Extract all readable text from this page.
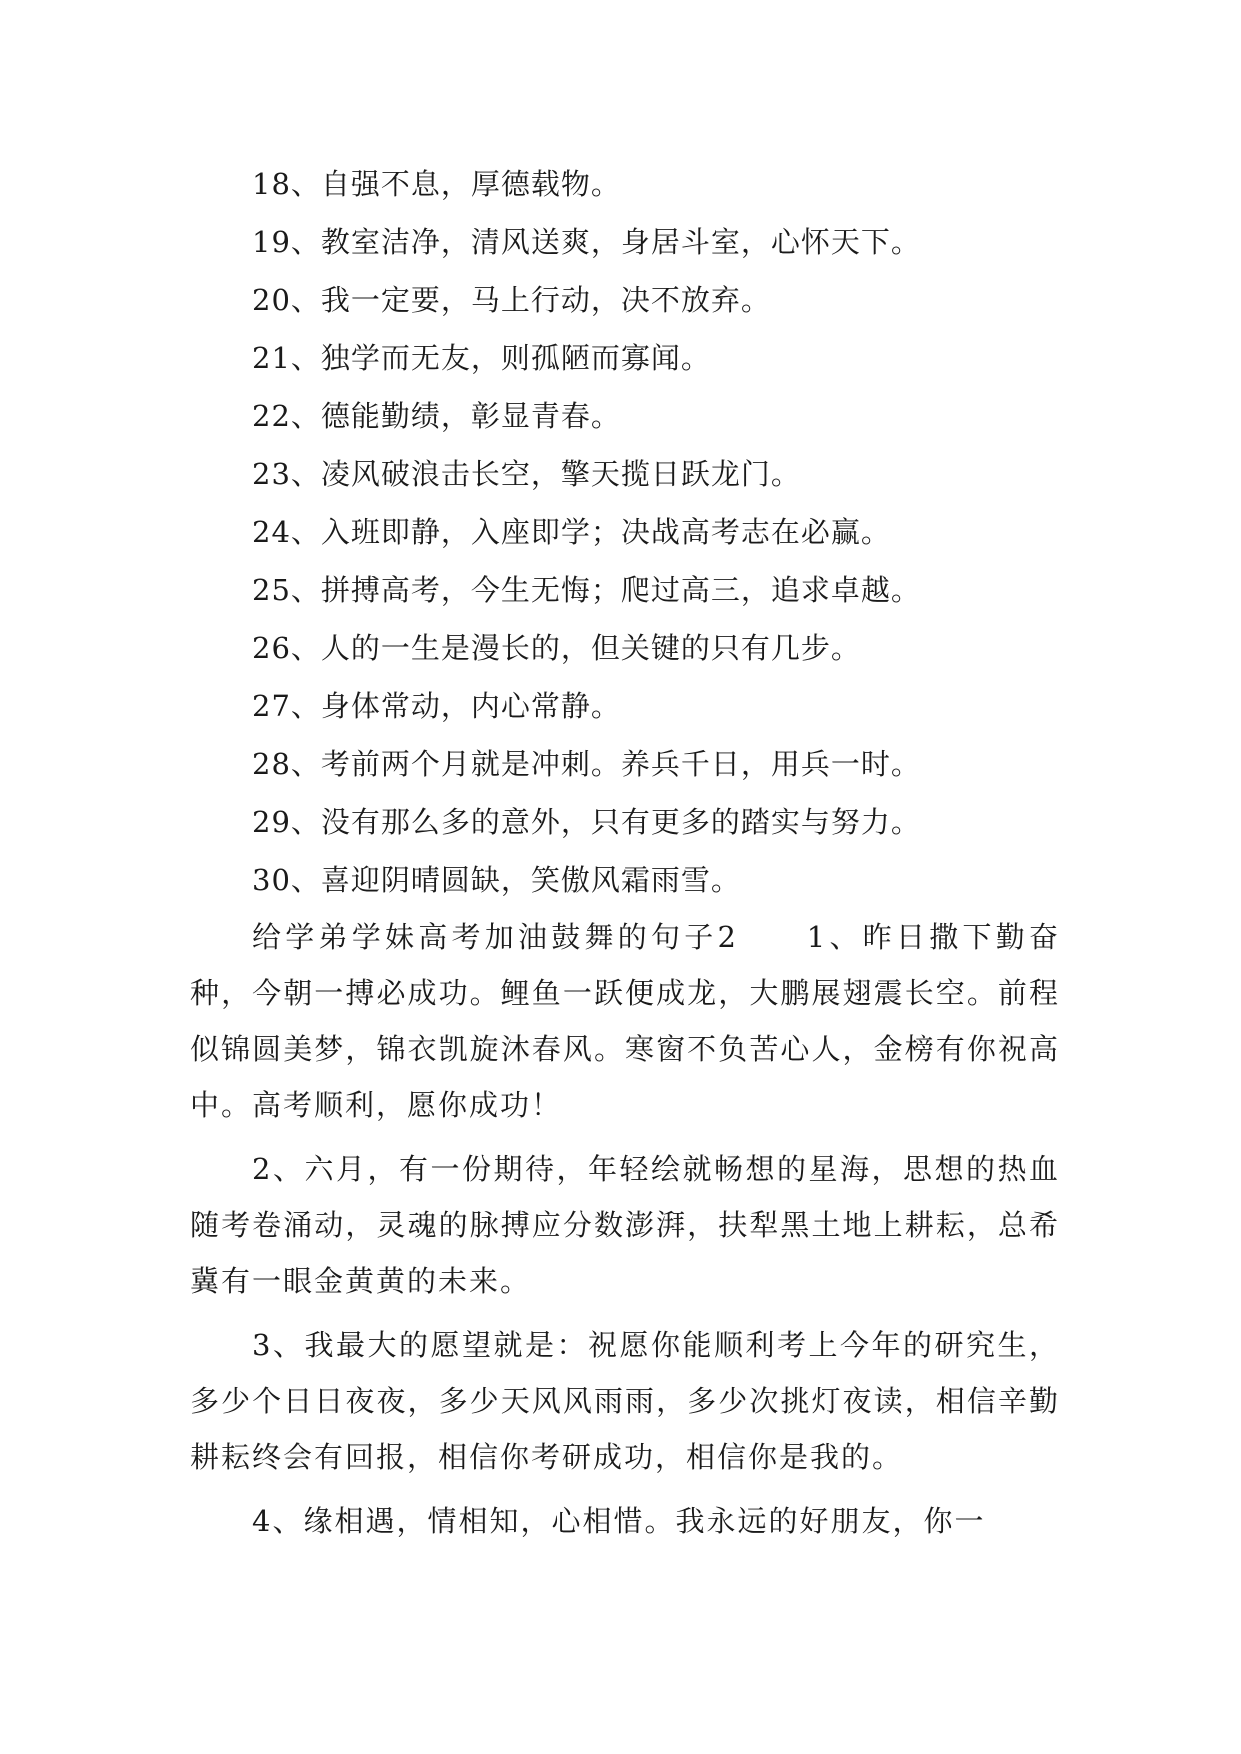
18、自强不息，厚德载物。

19、教室洁净，清风送爽，身居斗室，心怀天下。

20、我一定要，马上行动，决不放弃。

21、独学而无友，则孤陋而寡闻。

22、德能勤绩，彰显青春。

23、凌风破浪击长空，擎天揽日跃龙门。

24、入班即静，入座即学；决战高考志在必赢。

25、拼搏高考，今生无悔；爬过高三，追求卓越。

26、人的一生是漫长的，但关键的只有几步。

27、身体常动，内心常静。

28、考前两个月就是冲刺。养兵千日，用兵一时。

29、没有那么多的意外，只有更多的踏实与努力。

30、喜迎阴晴圆缺，笑傲风霜雨雪。

给学弟学妹高考加油鼓舞的句子2　　1、昨日撒下勤奋种，今朝一搏必成功。鲤鱼一跃便成龙，大鹏展翅震长空。前程似锦圆美梦，锦衣凯旋沐春风。寒窗不负苦心人，金榜有你祝高中。高考顺利，愿你成功！

2、六月，有一份期待，年轻绘就畅想的星海，思想的热血随考卷涌动，灵魂的脉搏应分数澎湃，扶犁黑土地上耕耘，总希冀有一眼金黄黄的未来。

3、我最大的愿望就是：祝愿你能顺利考上今年的研究生，多少个日日夜夜，多少天风风雨雨，多少次挑灯夜读，相信辛勤耕耘终会有回报，相信你考研成功，相信你是我的。

4、缘相遇，情相知，心相惜。我永远的好朋友，你一
